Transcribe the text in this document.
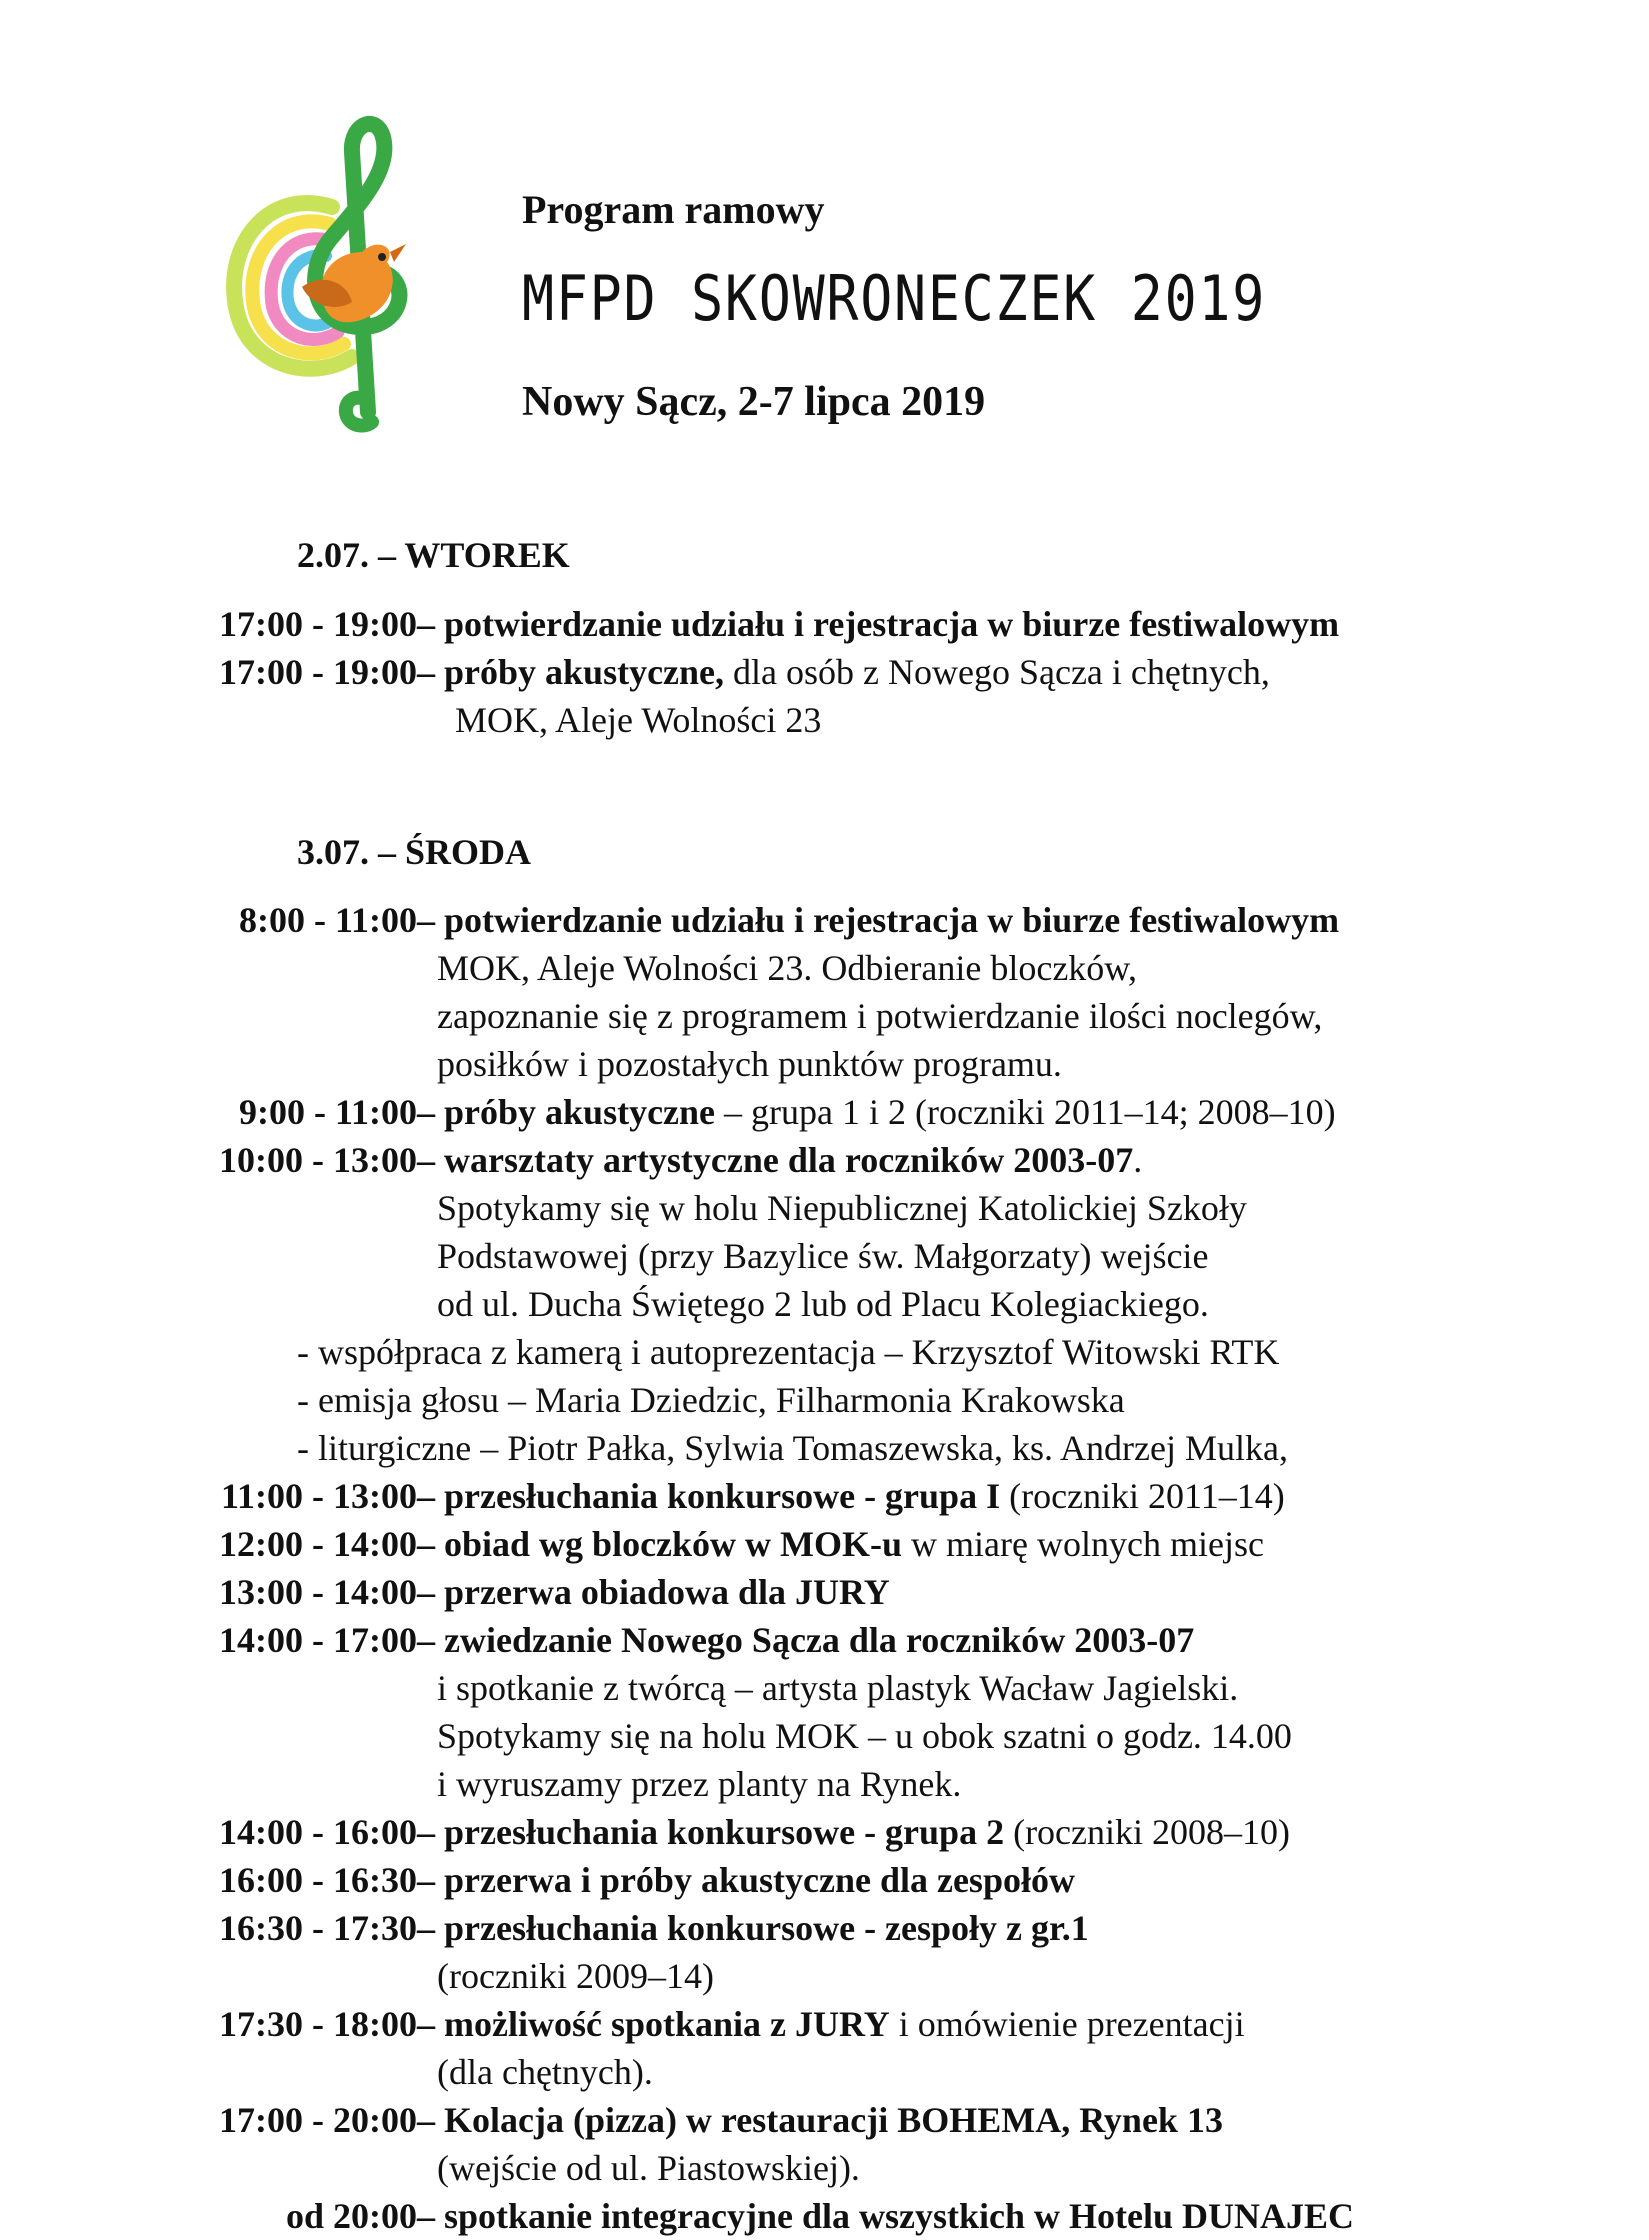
Program ramowy
MFPD SKOWRONECZEK 2019
Nowy Sącz, 2-7 lipca 2019
2.07. – WTOREK
3.07. – ŚRODA
17:00 - 19:00 – potwierdzanie udziału i rejestracja w biurze festiwalowym
17:00 - 19:00 – próby akustyczne, dla osób z Nowego Sącza i chętnych,
MOK, Aleje Wolności 23
8:00 - 11:00 – potwierdzanie udziału i rejestracja w biurze festiwalowym
MOK, Aleje Wolności 23. Odbieranie bloczków,
zapoznanie się z programem i potwierdzanie ilości noclegów,
posiłków i pozostałych punktów programu.
9:00 - 11:00 – próby akustyczne – grupa 1 i 2 (roczniki 2011–14; 2008–10)
10:00 - 13:00 – warsztaty artystyczne dla roczników 2003-07.
Spotykamy się w holu Niepublicznej Katolickiej Szkoły
Podstawowej (przy Bazylice św. Małgorzaty) wejście
od ul. Ducha Świętego 2 lub od Placu Kolegiackiego.
- współpraca z kamerą i autoprezentacja – Krzysztof Witowski RTK
- emisja głosu – Maria Dziedzic, Filharmonia Krakowska
- liturgiczne – Piotr Pałka, Sylwia Tomaszewska, ks. Andrzej Mulka,
11:00 - 13:00 – przesłuchania konkursowe - grupa I (roczniki 2011–14)
12:00 - 14:00 – obiad wg bloczków w MOK-u w miarę wolnych miejsc
13:00 - 14:00 – przerwa obiadowa dla JURY
14:00 - 17:00 – zwiedzanie Nowego Sącza dla roczników 2003-07
i spotkanie z twórcą – artysta plastyk Wacław Jagielski.
Spotykamy się na holu MOK – u obok szatni o godz. 14.00
i wyruszamy przez planty na Rynek.
14:00 - 16:00 – przesłuchania konkursowe - grupa 2 (roczniki 2008–10)
16:00 - 16:30 – przerwa i próby akustyczne dla zespołów
16:30 - 17:30 – przesłuchania konkursowe - zespoły z gr.1
(roczniki 2009–14)
17:30 - 18:00 – możliwość spotkania z JURY i omówienie prezentacji
(dla chętnych).
17:00 - 20:00 – Kolacja (pizza) w restauracji BOHEMA, Rynek 13
(wejście od ul. Piastowskiej).
od 20:00 – spotkanie integracyjne dla wszystkich w Hotelu DUNAJEC
